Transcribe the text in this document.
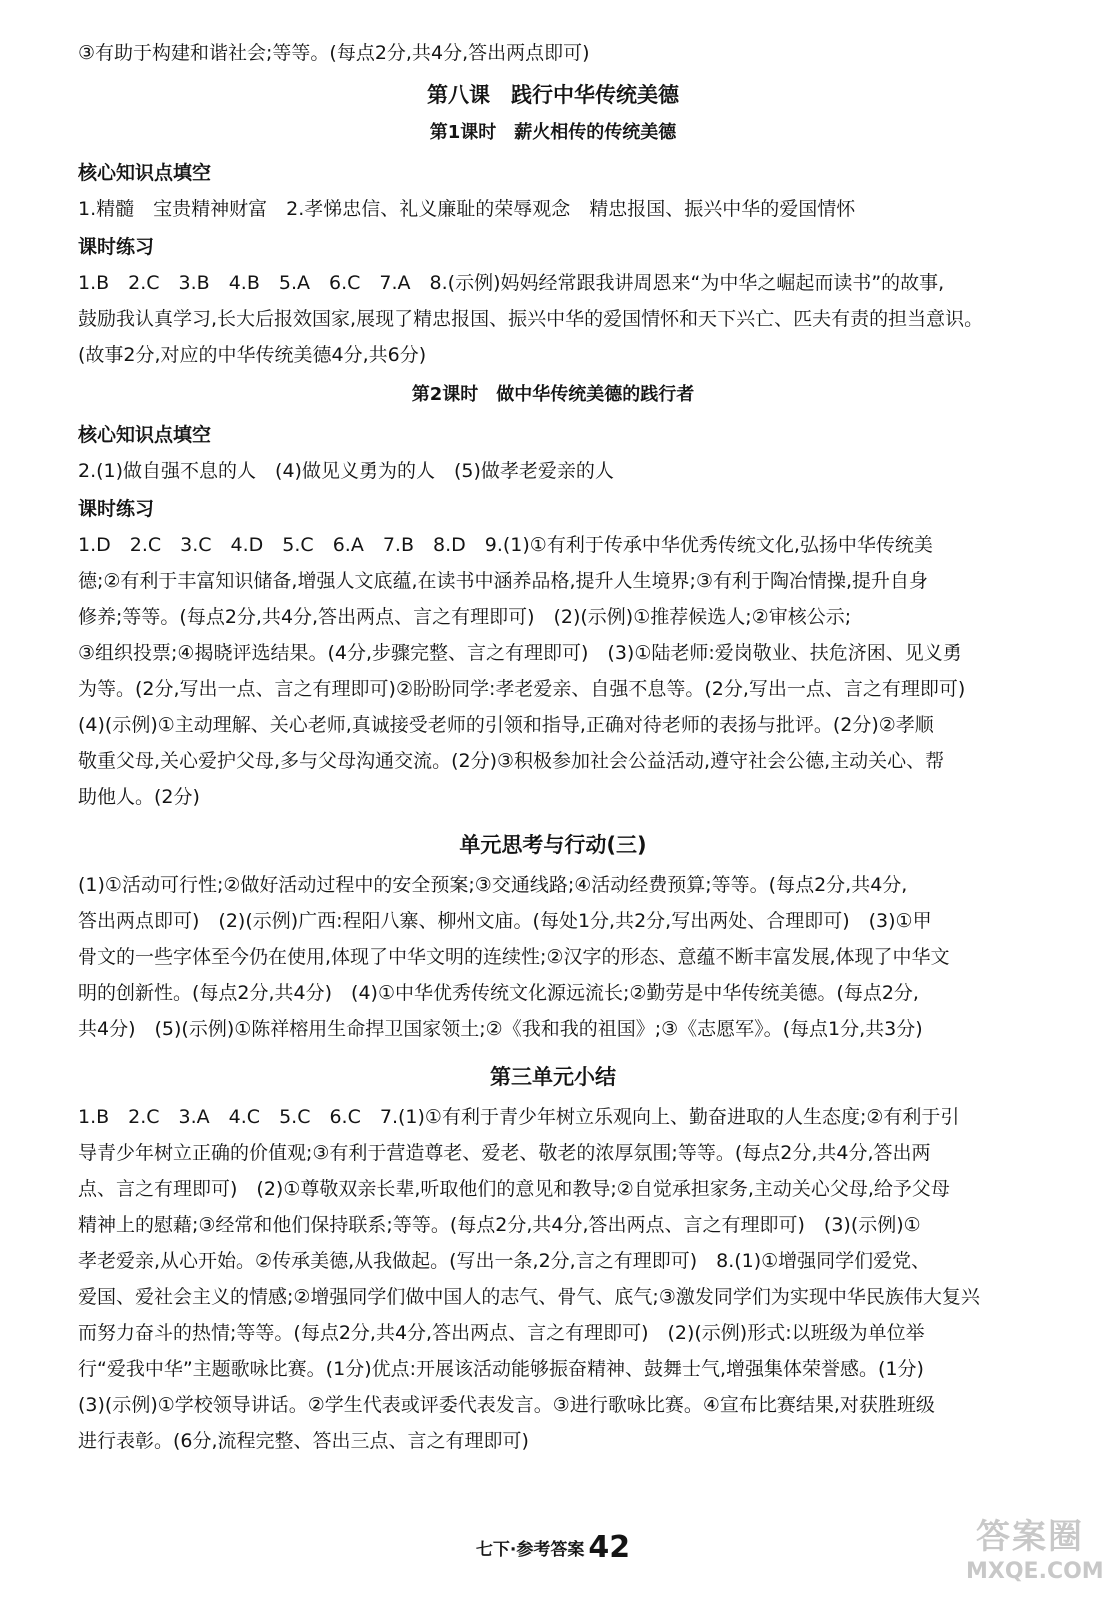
③有助于构建和谐社会;等等。(每点2分,共4分,答出两点即可)
第八课　践行中华传统美德
第1课时　薪火相传的传统美德
核心知识点填空
1.精髓　宝贵精神财富　2.孝悌忠信、礼义廉耻的荣辱观念　精忠报国、振兴中华的爱国情怀
课时练习
1.B　2.C　3.B　4.B　5.A　6.C　7.A　8.(示例)妈妈经常跟我讲周恩来“为中华之崛起而读书”的故事,
鼓励我认真学习,长大后报效国家,展现了精忠报国、振兴中华的爱国情怀和天下兴亡、匹夫有责的担当意识。
(故事2分,对应的中华传统美德4分,共6分)
第2课时　做中华传统美德的践行者
核心知识点填空
2.(1)做自强不息的人　(4)做见义勇为的人　(5)做孝老爱亲的人
课时练习
1.D　2.C　3.C　4.D　5.C　6.A　7.B　8.D　9.(1)①有利于传承中华优秀传统文化,弘扬中华传统美
德;②有利于丰富知识储备,增强人文底蕴,在读书中涵养品格,提升人生境界;③有利于陶冶情操,提升自身
修养;等等。(每点2分,共4分,答出两点、言之有理即可)　(2)(示例)①推荐候选人;②审核公示;
③组织投票;④揭晓评选结果。(4分,步骤完整、言之有理即可)　(3)①陆老师:爱岗敬业、扶危济困、见义勇
为等。(2分,写出一点、言之有理即可)②盼盼同学:孝老爱亲、自强不息等。(2分,写出一点、言之有理即可)
(4)(示例)①主动理解、关心老师,真诚接受老师的引领和指导,正确对待老师的表扬与批评。(2分)②孝顺
敬重父母,关心爱护父母,多与父母沟通交流。(2分)③积极参加社会公益活动,遵守社会公德,主动关心、帮
助他人。(2分)
单元思考与行动(三)
(1)①活动可行性;②做好活动过程中的安全预案;③交通线路;④活动经费预算;等等。(每点2分,共4分,
答出两点即可)　(2)(示例)广西:程阳八寨、柳州文庙。(每处1分,共2分,写出两处、合理即可)　(3)①甲
骨文的一些字体至今仍在使用,体现了中华文明的连续性;②汉字的形态、意蕴不断丰富发展,体现了中华文
明的创新性。(每点2分,共4分)　(4)①中华优秀传统文化源远流长;②勤劳是中华传统美德。(每点2分,
共4分)　(5)(示例)①陈祥榕用生命捍卫国家领土;②《我和我的祖国》;③《志愿军》。(每点1分,共3分)
第三单元小结
1.B　2.C　3.A　4.C　5.C　6.C　7.(1)①有利于青少年树立乐观向上、勤奋进取的人生态度;②有利于引
导青少年树立正确的价值观;③有利于营造尊老、爱老、敬老的浓厚氛围;等等。(每点2分,共4分,答出两
点、言之有理即可)　(2)①尊敬双亲长辈,听取他们的意见和教导;②自觉承担家务,主动关心父母,给予父母
精神上的慰藉;③经常和他们保持联系;等等。(每点2分,共4分,答出两点、言之有理即可)　(3)(示例)①
孝老爱亲,从心开始。②传承美德,从我做起。(写出一条,2分,言之有理即可)　8.(1)①增强同学们爱党、
爱国、爱社会主义的情感;②增强同学们做中国人的志气、骨气、底气;③激发同学们为实现中华民族伟大复兴
而努力奋斗的热情;等等。(每点2分,共4分,答出两点、言之有理即可)　(2)(示例)形式:以班级为单位举
行“爱我中华”主题歌咏比赛。(1分)优点:开展该活动能够振奋精神、鼓舞士气,增强集体荣誉感。(1分)
(3)(示例)①学校领导讲话。②学生代表或评委代表发言。③进行歌咏比赛。④宣布比赛结果,对获胜班级
进行表彰。(6分,流程完整、答出三点、言之有理即可)
七下·参考答案 42	答案圈
MXQE.COM
